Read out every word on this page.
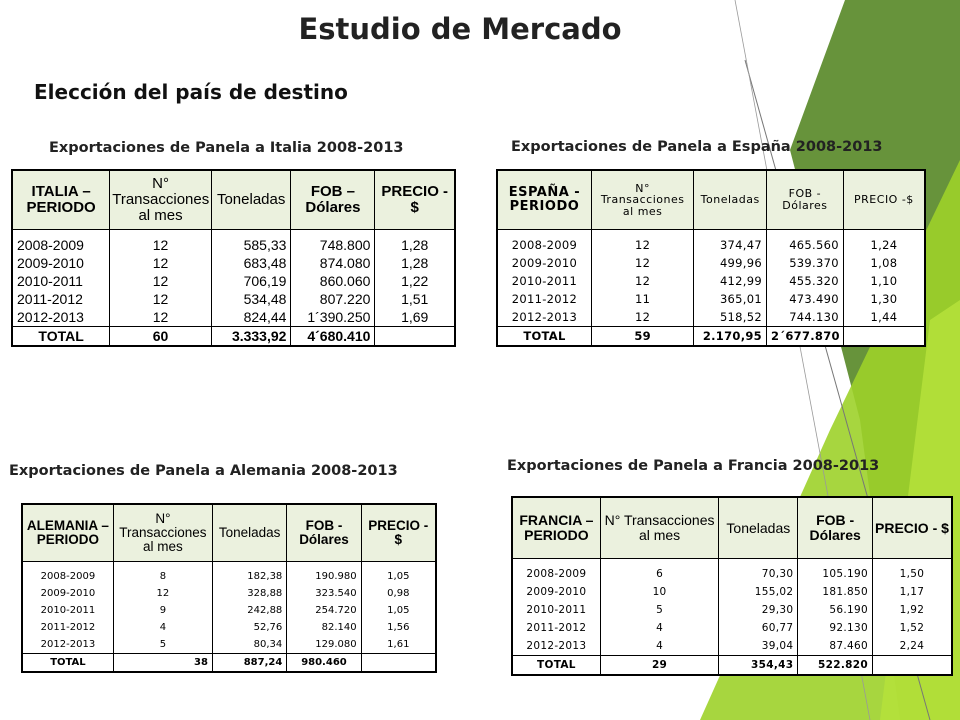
Estudio de Mercado
Elección del país de destino
Exportaciones de Panela a Italia 2008-2013
ITALIA – PERIODO	N° Transacciones al mes	Toneladas	FOB – Dólares	PRECIO - $

2008-2009	12	585,33	748.800	1,28
2009-2010	12	683,48	874.080	1,28
2010-2011	12	706,19	860.060	1,22
2011-2012	12	534,48	807.220	1,51
2012-2013	12	824,44	1´390.250	1,69
TOTAL	60	3.333,92	4´680.410	
Exportaciones de Panela a España 2008-2013
ESPAÑA - PERIODO	N° Transacciones al mes	Toneladas	FOB - Dólares	PRECIO -$

2008-2009	12	374,47	465.560	1,24
2009-2010	12	499,96	539.370	1,08
2010-2011	12	412,99	455.320	1,10
2011-2012	11	365,01	473.490	1,30
2012-2013	12	518,52	744.130	1,44
TOTAL	59	2.170,95	2´677.870	
Exportaciones de Panela a Alemania 2008-2013
ALEMANIA – PERIODO	N° Transacciones al mes	Toneladas	FOB - Dólares	PRECIO - $

2008-2009	8	182,38	190.980	1,05
2009-2010	12	328,88	323.540	0,98
2010-2011	9	242,88	254.720	1,05
2011-2012	4	52,76	82.140	1,56
2012-2013	5	80,34	129.080	1,61
TOTAL	38	887,24	980.460	
Exportaciones de Panela a Francia 2008-2013
FRANCIA – PERIODO	N° Transacciones al mes	Toneladas	FOB - Dólares	PRECIO - $

2008-2009	6	70,30	105.190	1,50
2009-2010	10	155,02	181.850	1,17
2010-2011	5	29,30	56.190	1,92
2011-2012	4	60,77	92.130	1,52
2012-2013	4	39,04	87.460	2,24
TOTAL	29	354,43	522.820	
